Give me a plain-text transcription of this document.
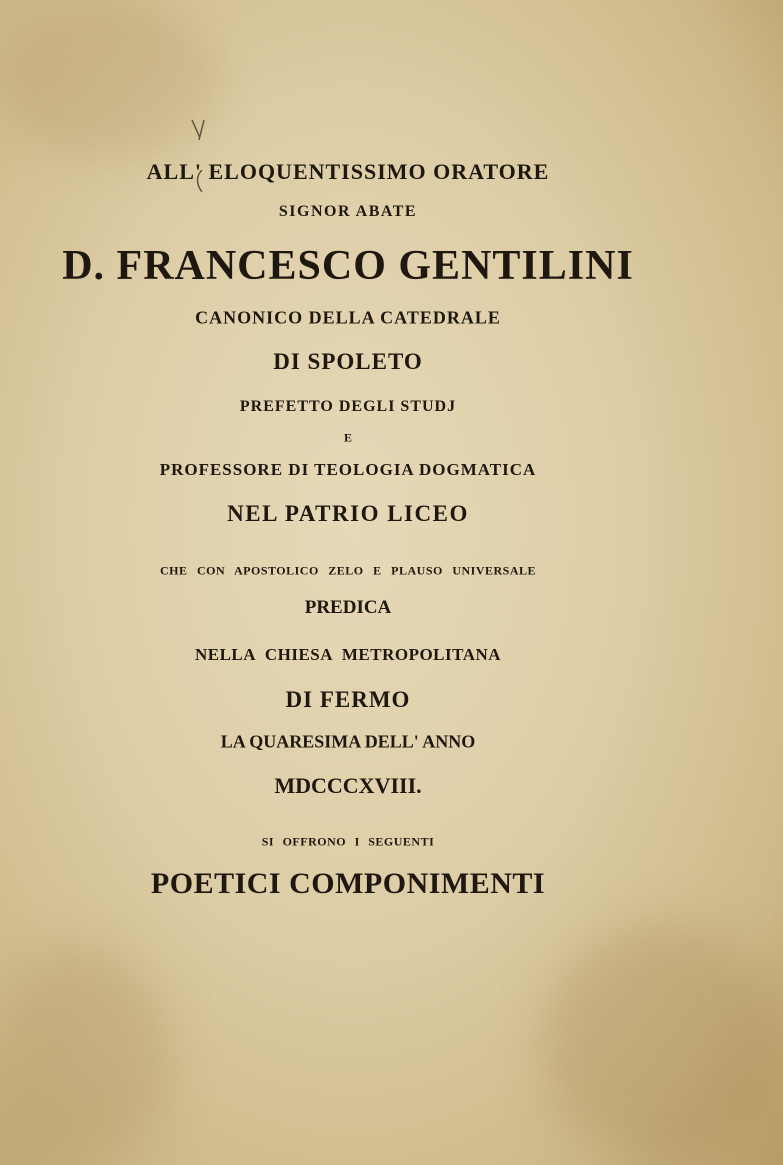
ALL' ELOQUENTISSIMO ORATORE
SIGNOR ABATE
D. FRANCESCO GENTILINI
CANONICO DELLA CATEDRALE
DI SPOLETO
PREFETTO DEGLI STUDJ
E
PROFESSORE DI TEOLOGIA DOGMATICA
NEL PATRIO LICEO
CHE CON APOSTOLICO ZELO E PLAUSO UNIVERSALE
PREDICA
NELLA CHIESA METROPOLITANA
DI FERMO
LA QUARESIMA DELL' ANNO
MDCCCXVIII.
SI OFFRONO I SEGUENTI
POETICI COMPONIMENTI
